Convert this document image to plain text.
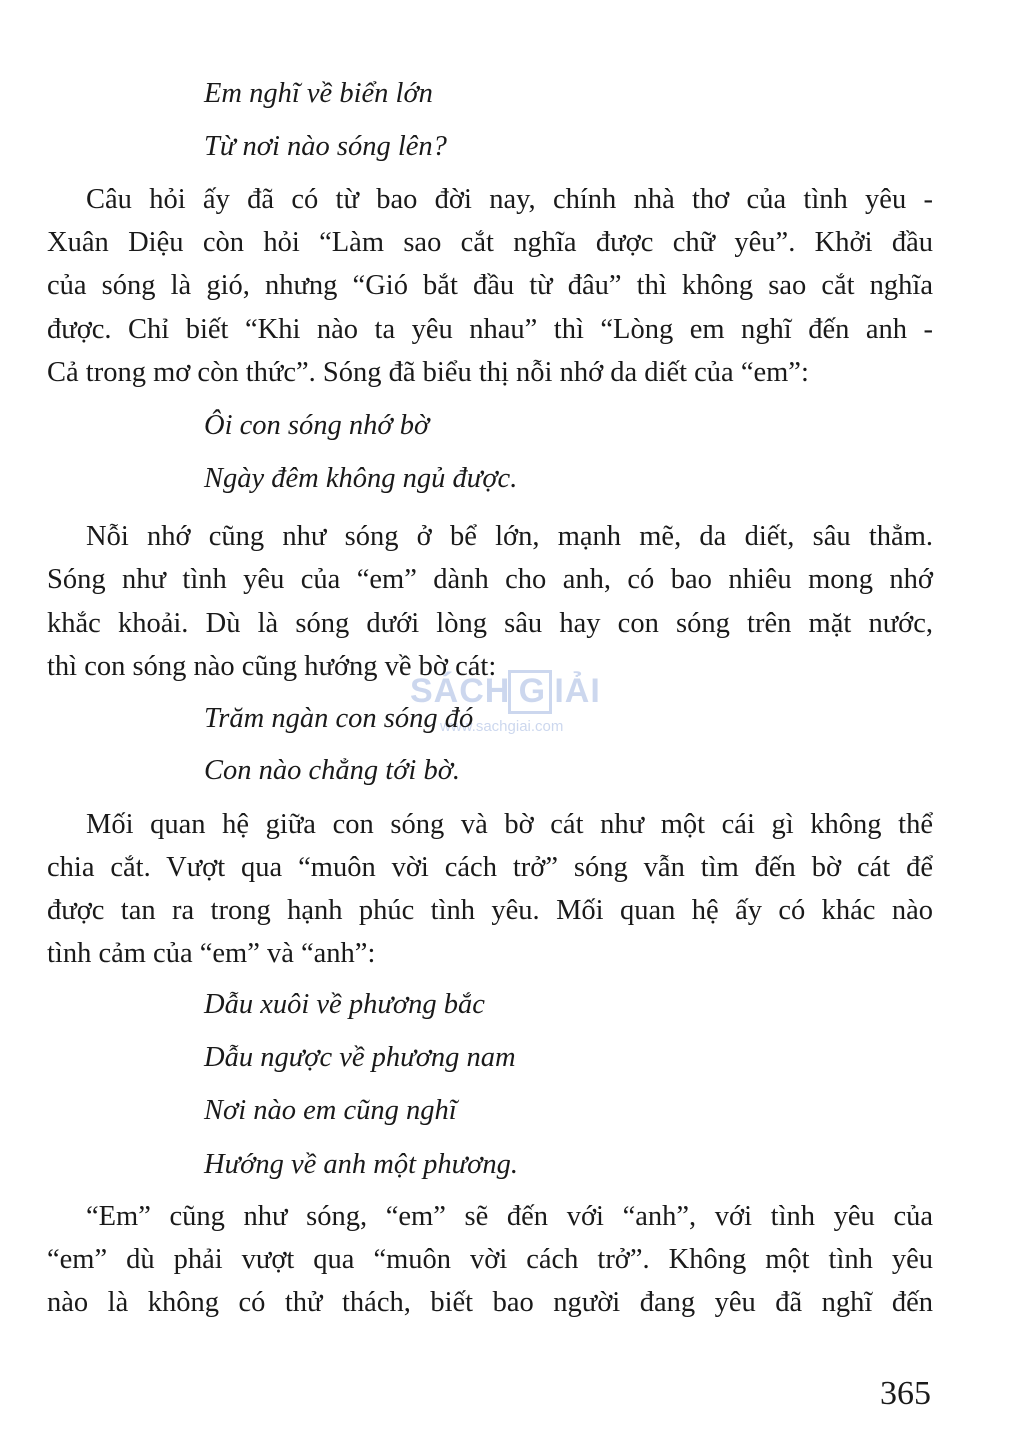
Em nghĩ về biển lớn
Từ nơi nào sóng lên?
Câu hỏi ấy đã có từ bao đời nay, chính nhà thơ của tình yêu -
Xuân Diệu còn hỏi “Làm sao cắt nghĩa được chữ yêu”. Khởi đầu
của sóng là gió, nhưng “Gió bắt đầu từ đâu” thì không sao cắt nghĩa
được. Chỉ biết “Khi nào ta yêu nhau” thì “Lòng em nghĩ đến anh -
Cả trong mơ còn thức”. Sóng đã biểu thị nỗi nhớ da diết của “em”:
Ôi con sóng nhớ bờ
Ngày đêm không ngủ được.
Nỗi nhớ cũng như sóng ở bể lớn, mạnh mẽ, da diết, sâu thẳm.
Sóng như tình yêu của “em” dành cho anh, có bao nhiêu mong nhớ
khắc khoải. Dù là sóng dưới lòng sâu hay con sóng trên mặt nước,
thì con sóng nào cũng hướng về bờ cát:
SÁCH G IẢI
www.sachgiai.com
Trăm ngàn con sóng đó
Con nào chẳng tới bờ.
Mối quan hệ giữa con sóng và bờ cát như một cái gì không thể
chia cắt. Vượt qua “muôn vời cách trở” sóng vẫn tìm đến bờ cát để
được tan ra trong hạnh phúc tình yêu. Mối quan hệ ấy có khác nào
tình cảm của “em” và “anh”:
Dẫu xuôi về phương bắc
Dẫu ngược về phương nam
Nơi nào em cũng nghĩ
Hướng về anh một phương.
“Em” cũng như sóng, “em” sẽ đến với “anh”, với tình yêu của
“em” dù phải vượt qua “muôn vời cách trở”. Không một tình yêu
nào là không có thử thách, biết bao người đang yêu đã nghĩ đến
365
